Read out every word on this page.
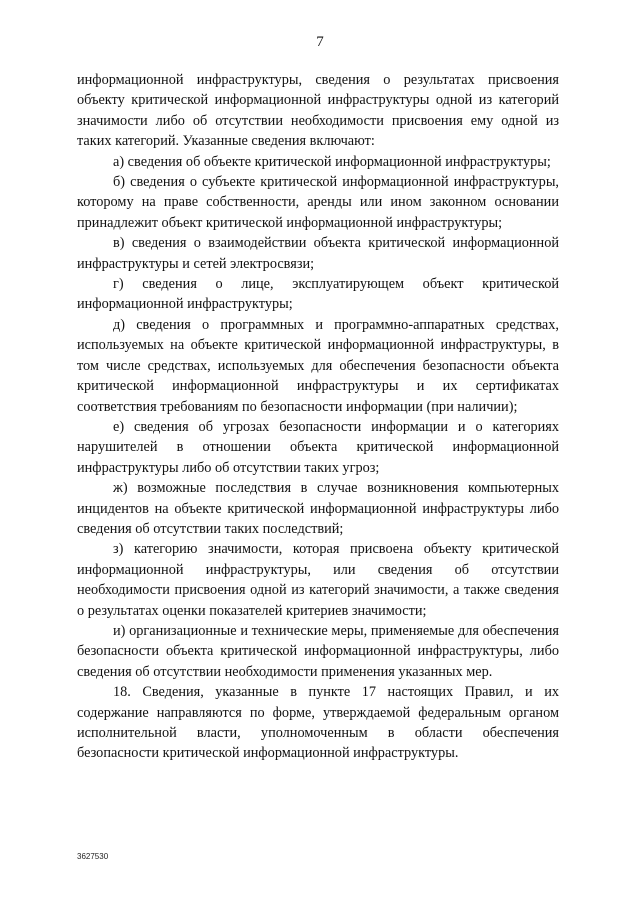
7

информационной инфраструктуры, сведения о результатах присвоения объекту критической информационной инфраструктуры одной из категорий значимости либо об отсутствии необходимости присвоения ему одной из таких категорий. Указанные сведения включают:

а) сведения об объекте критической информационной инфраструктуры;

б) сведения о субъекте критической информационной инфраструктуры, которому на праве собственности, аренды или ином законном основании принадлежит объект критической информационной инфраструктуры;

в) сведения о взаимодействии объекта критической информационной инфраструктуры и сетей электросвязи;

г) сведения о лице, эксплуатирующем объект критической информационной инфраструктуры;

д) сведения о программных и программно-аппаратных средствах, используемых на объекте критической информационной инфраструктуры, в том числе средствах, используемых для обеспечения безопасности объекта критической информационной инфраструктуры и их сертификатах соответствия требованиям по безопасности информации (при наличии);

е) сведения об угрозах безопасности информации и о категориях нарушителей в отношении объекта критической информационной инфраструктуры либо об отсутствии таких угроз;

ж) возможные последствия в случае возникновения компьютерных инцидентов на объекте критической информационной инфраструктуры либо сведения об отсутствии таких последствий;

з) категорию значимости, которая присвоена объекту критической информационной инфраструктуры, или сведения об отсутствии необходимости присвоения одной из категорий значимости, а также сведения о результатах оценки показателей критериев значимости;

и) организационные и технические меры, применяемые для обеспечения безопасности объекта критической информационной инфраструктуры, либо сведения об отсутствии необходимости применения указанных мер.

18. Сведения, указанные в пункте 17 настоящих Правил, и их содержание направляются по форме, утверждаемой федеральным органом исполнительной власти, уполномоченным в области обеспечения безопасности критической информационной инфраструктуры.

3627530
